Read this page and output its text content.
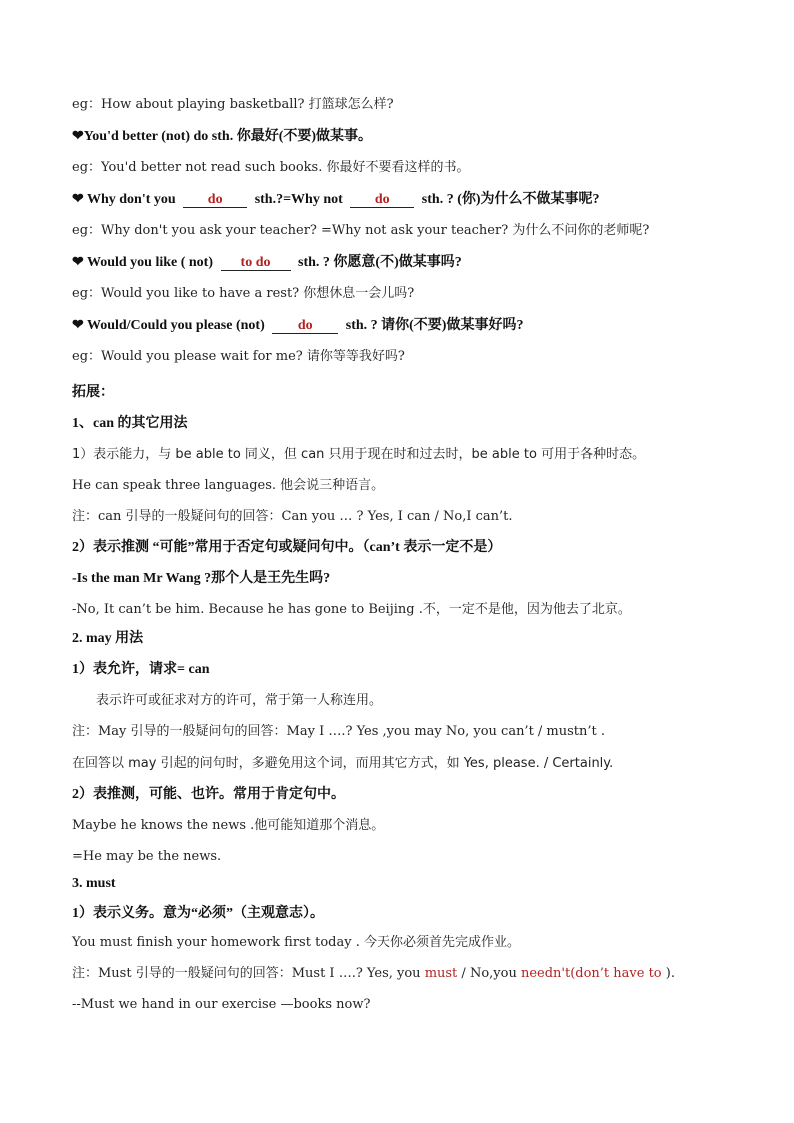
eg：How about playing basketball? 打篮球怎么样?
❤You'd better (not) do sth. 你最好(不要)做某事。
eg：You'd better not read such books. 你最好不要看这样的书。
❤ Why don't you do sth.?=Why not do sth. ? (你)为什么不做某事呢?
eg：Why don't you ask your teacher? =Why not ask your teacher? 为什么不问你的老师呢?
❤ Would you like ( not) to do sth. ? 你愿意(不)做某事吗?
eg：Would you like to have a rest? 你想休息一会儿吗?
❤ Would/Could you please (not) do sth. ? 请你(不要)做某事好吗?
eg：Would you please wait for me? 请你等等我好吗?
拓展：
1、can 的其它用法
1）表示能力，与 be able to 同义，但 can 只用于现在时和过去时，be able to 可用于各种时态。
He can speak three languages. 他会说三种语言。
注：can 引导的一般疑问句的回答：Can you … ? Yes, I can / No,I can’t.
2）表示推测 “可能”常用于否定句或疑问句中。（can’t 表示一定不是）
-Is the man Mr Wang ?那个人是王先生吗?
-No, It can’t be him. Because he has gone to Beijing .不，一定不是他，因为他去了北京。
2. may 用法
1）表允许，请求= can
表示许可或征求对方的许可，常于第一人称连用。
注：May 引导的一般疑问句的回答：May I ….? Yes ,you may No, you can’t / mustn’t .
在回答以 may 引起的问句时，多避免用这个词，而用其它方式，如 Yes, please. / Certainly.
2）表推测，可能、也许。常用于肯定句中。
Maybe he knows the news .他可能知道那个消息。
=He may be the news.
3. must
1）表示义务。意为“必须”（主观意志）。
You must finish your homework first today . 今天你必须首先完成作业。
注：Must 引导的一般疑问句的回答：Must I ….? Yes, you must / No,you needn't(don’t have to ).
--Must we hand in our exercise —books now?
